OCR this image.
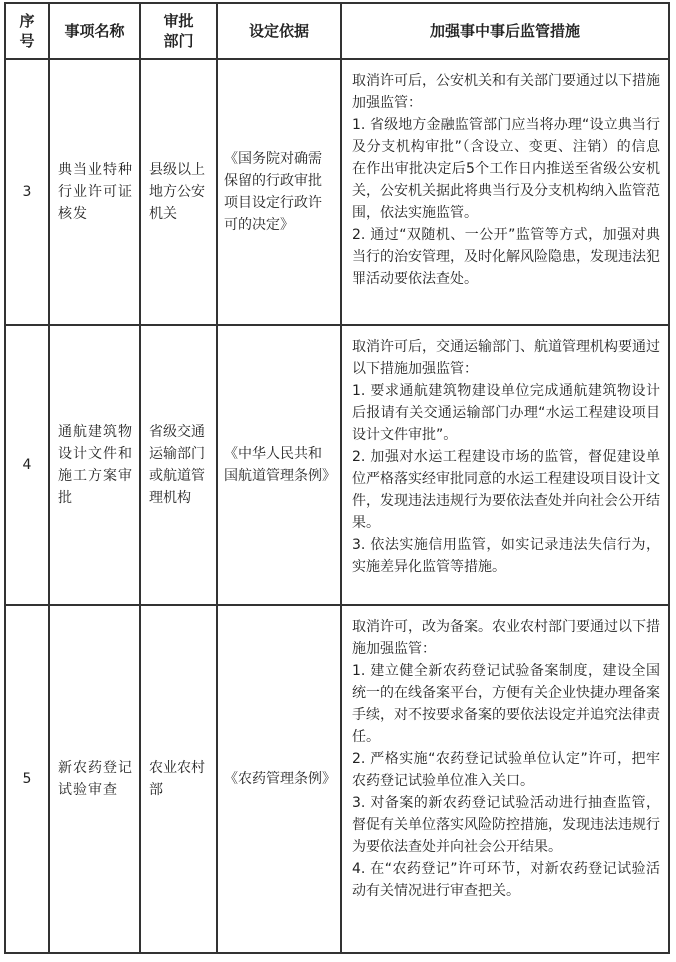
序号	事项名称	审批部门	设定依据	加强事中事后监管措施
3	典当业特种行业许可证核发	县级以上地方公安机关	《国务院对确需保留的行政审批项目设定行政许可的决定》	取消许可后，公安机关和有关部门要通过以下措施加强监管：
1. 省级地方金融监管部门应当将办理“设立典当行及分支机构审批”（含设立、变更、注销）的信息在作出审批决定后5个工作日内推送至省级公安机关，公安机关据此将典当行及分支机构纳入监管范围，依法实施监管。
2. 通过“双随机、一公开”监管等方式，加强对典当行的治安管理，及时化解风险隐患，发现违法犯罪活动要依法查处。

4	通航建筑物设计文件和施工方案审批	省级交通运输部门或航道管理机构	《中华人民共和国航道管理条例》	取消许可后，交通运输部门、航道管理机构要通过以下措施加强监管：
1. 要求通航建筑物建设单位完成通航建筑物设计后报请有关交通运输部门办理“水运工程建设项目设计文件审批”。
2. 加强对水运工程建设市场的监管，督促建设单位严格落实经审批同意的水运工程建设项目设计文件，发现违法违规行为要依法查处并向社会公开结果。
3. 依法实施信用监管，如实记录违法失信行为，实施差异化监管等措施。

5	新农药登记试验审查	农业农村部	《农药管理条例》	取消许可，改为备案。农业农村部门要通过以下措施加强监管：
1. 建立健全新农药登记试验备案制度，建设全国统一的在线备案平台，方便有关企业快捷办理备案手续，对不按要求备案的要依法设定并追究法律责任。
2. 严格实施“农药登记试验单位认定”许可，把牢农药登记试验单位准入关口。
3. 对备案的新农药登记试验活动进行抽查监管，督促有关单位落实风险防控措施，发现违法违规行为要依法查处并向社会公开结果。
4. 在“农药登记”许可环节，对新农药登记试验活动有关情况进行审查把关。
